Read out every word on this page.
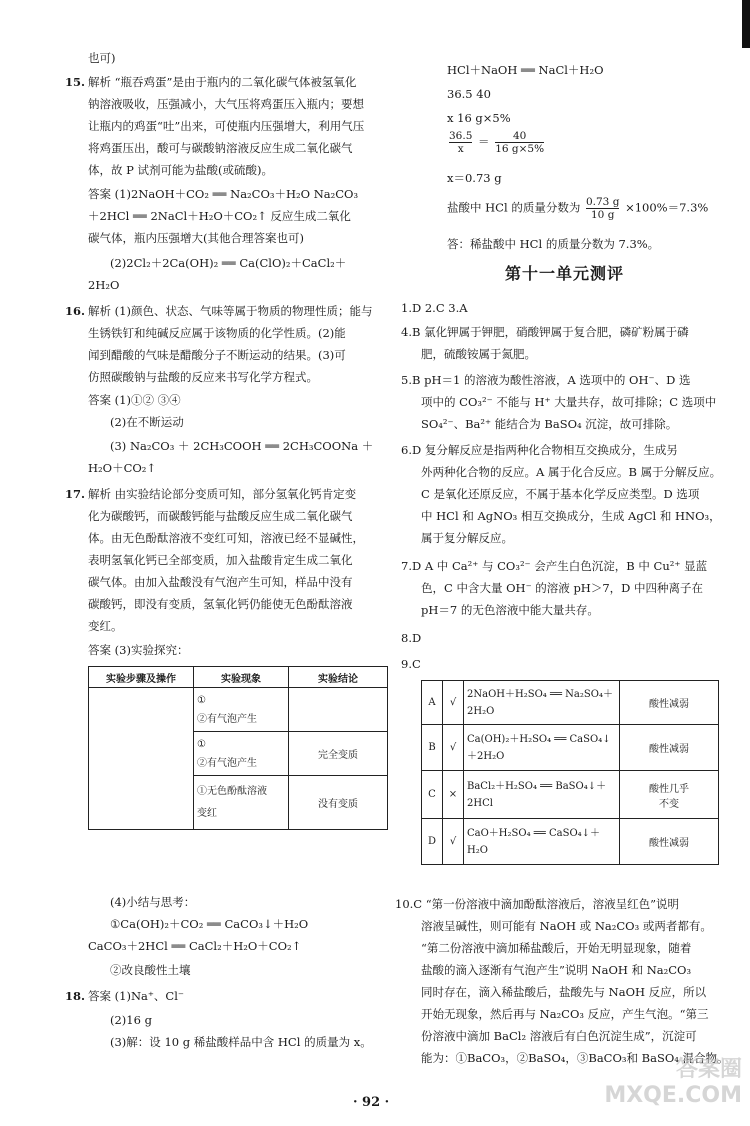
也可)
15. 解析 “瓶吞鸡蛋”是由于瓶内的二氧化碳气体被氢氧化
钠溶液吸收，压强减小，大气压将鸡蛋压入瓶内；要想
让瓶内的鸡蛋“吐”出来，可使瓶内压强增大，利用气压
将鸡蛋压出，酸可与碳酸钠溶液反应生成二氧化碳气
体，故 P 试剂可能为盐酸(或硫酸)。
答案 (1)2NaOH＋CO₂ ══ Na₂CO₃＋H₂O Na₂CO₃
＋2HCl ══ 2NaCl＋H₂O＋CO₂↑ 反应生成二氧化
碳气体，瓶内压强增大(其他合理答案也可)
(2)2Cl₂＋2Ca(OH)₂ ══ Ca(ClO)₂＋CaCl₂＋
2H₂O
16. 解析 (1)颜色、状态、气味等属于物质的物理性质；能与
生锈铁钉和纯碱反应属于该物质的化学性质。(2)能
闻到醋酸的气味是醋酸分子不断运动的结果。(3)可
仿照碳酸钠与盐酸的反应来书写化学方程式。
答案 (1)①② ③④
(2)在不断运动
(3) Na₂CO₃ ＋ 2CH₃COOH ══ 2CH₃COONa ＋
H₂O＋CO₂↑
17. 解析 由实验结论部分变质可知，部分氢氧化钙肯定变
化为碳酸钙，而碳酸钙能与盐酸反应生成二氧化碳气
体。由无色酚酞溶液不变红可知，溶液已经不显碱性，
表明氢氧化钙已全部变质，加入盐酸肯定生成二氧化
碳气体。由加入盐酸没有气泡产生可知，样品中没有
碳酸钙，即没有变质，氢氧化钙仍能使无色酚酞溶液
变红。
答案 (3)实验探究：
实验步骤及操作	实验现象	实验结论

	①
②有气泡产生	

	①
②有气泡产生	完全变质

	①无色酚酞溶液
变红	没有变质
(4)小结与思考：
①Ca(OH)₂＋CO₂ ══ CaCO₃↓＋H₂O
CaCO₃＋2HCl ══ CaCl₂＋H₂O＋CO₂↑
②改良酸性土壤
18. 答案 (1)Na⁺、Cl⁻
(2)16 g
(3)解：设 10 g 稀盐酸样品中含 HCl 的质量为 x。
HCl＋NaOH ══ NaCl＋H₂O
36.5 40
x 16 g×5%
$\frac{36.5}{x} = \frac{40}{16 g\times 5\%}$
x＝0.73 g
盐酸中 HCl 的质量分数为 $\frac{0.73 g}{10 g} \times 100\%=7.3\%$
答：稀盐酸中 HCl 的质量分数为 7.3%。
第十一单元测评
1.D 2.C 3.A
4.B 氯化钾属于钾肥，硝酸钾属于复合肥，磷矿粉属于磷
肥，硫酸铵属于氮肥。
5.B pH＝1 的溶液为酸性溶液，A 选项中的 OH⁻、D 选
项中的 CO₃²⁻ 不能与 H⁺ 大量共存，故可排除；C 选项中
SO₄²⁻、Ba²⁺ 能结合为 BaSO₄ 沉淀，故可排除。
6.D 复分解反应是指两种化合物相互交换成分，生成另
外两种化合物的反应。A 属于化合反应。B 属于分解反应。
C 是氧化还原反应，不属于基本化学反应类型。D 选项
中 HCl 和 AgNO₃ 相互交换成分，生成 AgCl 和 HNO₃，
属于复分解反应。
7.D A 中 Ca²⁺ 与 CO₃²⁻ 会产生白色沉淀，B 中 Cu²⁺ 显蓝
色，C 中含大量 OH⁻ 的溶液 pH＞7，D 中四种离子在
pH＝7 的无色溶液中能大量共存。
8.D
9.C
A	√	2NaOH＋H₂SO₄ ══ Na₂SO₄＋
2H₂O	酸性减弱
B	√	Ca(OH)₂＋H₂SO₄ ══ CaSO₄↓
＋2H₂O	酸性减弱
C	×	BaCl₂＋H₂SO₄ ══ BaSO₄↓＋
2HCl	酸性几乎不变
D	√	CaO＋H₂SO₄ ══ CaSO₄↓＋
H₂O	酸性减弱
10.C “第一份溶液中滴加酚酞溶液后，溶液呈红色”说明
溶液呈碱性，则可能有 NaOH 或 Na₂CO₃ 或两者都有。
“第二份溶液中滴加稀盐酸后，开始无明显现象，随着
盐酸的滴入逐渐有气泡产生”说明 NaOH 和 Na₂CO₃
同时存在，滴入稀盐酸后，盐酸先与 NaOH 反应，所以
开始无现象，然后再与 Na₂CO₃ 反应，产生气泡。“第三
份溶液中滴加 BaCl₂ 溶液后有白色沉淀生成”，沉淀可
能为：①BaCO₃，②BaSO₄，③BaCO₃和 BaSO₄ 混合物。
· 92 ·
答案圈 MXQE.COM
